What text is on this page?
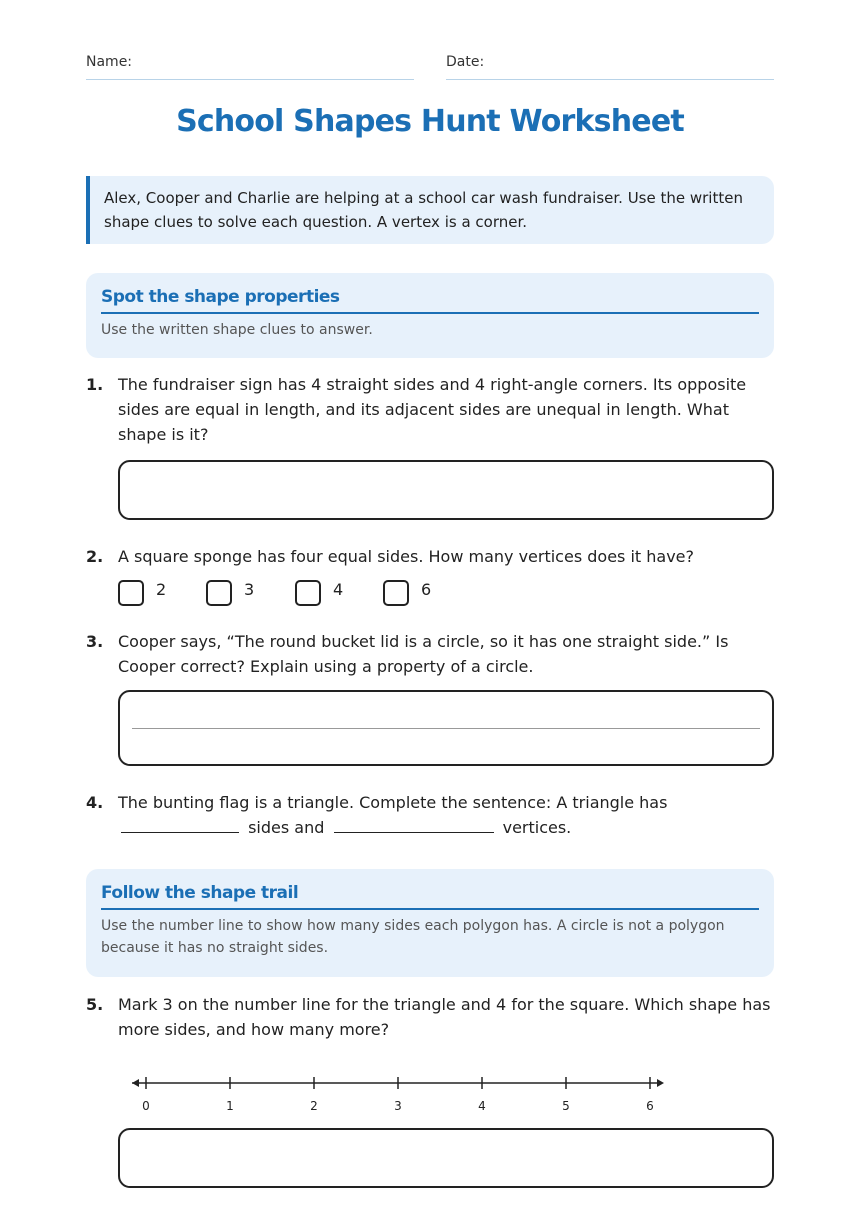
Name:	Date:
School Shapes Hunt Worksheet
Alex, Cooper and Charlie are helping at a school car wash fundraiser. Use the written shape clues to solve each question. A vertex is a corner.
Spot the shape properties
Use the written shape clues to answer.
1. The fundraiser sign has 4 straight sides and 4 right-angle corners. Its opposite sides are equal in length, and its adjacent sides are unequal in length. What shape is it?
2. A square sponge has four equal sides. How many vertices does it have?
2	3	4	6
3. Cooper says, “The round bucket lid is a circle, so it has one straight side.” Is Cooper correct? Explain using a property of a circle.
4. The bunting flag is a triangle. Complete the sentence: A triangle has
sides and	vertices.
Follow the shape trail
Use the number line to show how many sides each polygon has. A circle is not a polygon because it has no straight sides.
5. Mark 3 on the number line for the triangle and 4 for the square. Which shape has more sides, and how many more?
0	1	2	3	4	5	6
